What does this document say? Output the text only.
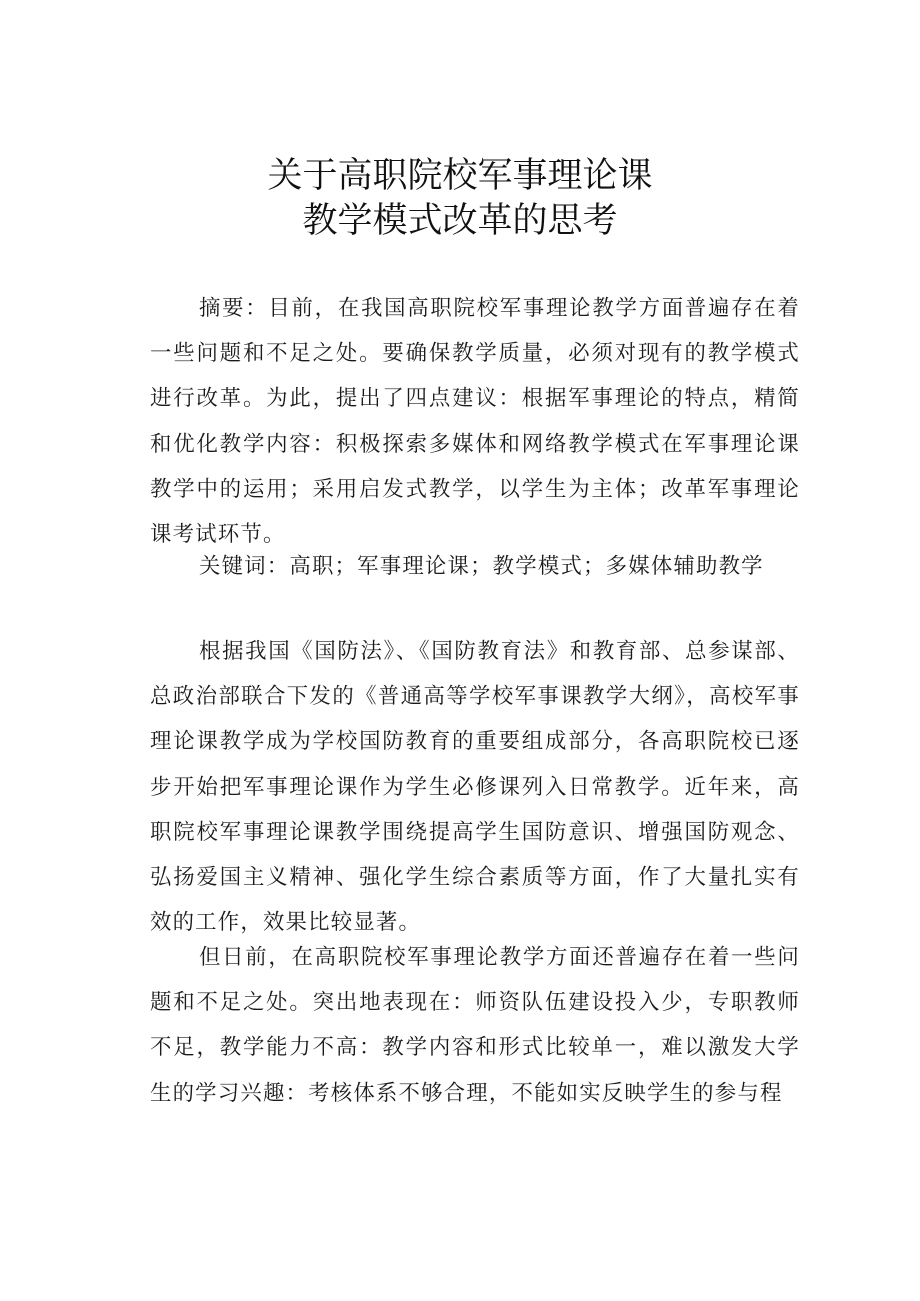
关于高职院校军事理论课
教学模式改革的思考

摘要：目前，在我国高职院校军事理论教学方面普遍存在着一些问题和不足之处。要确保教学质量，必须对现有的教学模式进行改革。为此，提出了四点建议：根据军事理论的特点，精简和优化教学内容：积极探索多媒体和网络教学模式在军事理论课教学中的运用；采用启发式教学，以学生为主体；改革军事理论课考试环节。

关键词：高职；军事理论课；教学模式；多媒体辅助教学

根据我国《国防法》、《国防教育法》和教育部、总参谋部、总政治部联合下发的《普通高等学校军事课教学大纲》，高校军事理论课教学成为学校国防教育的重要组成部分，各高职院校已逐步开始把军事理论课作为学生必修课列入日常教学。近年来，高职院校军事理论课教学围绕提高学生国防意识、增强国防观念、弘扬爱国主义精神、强化学生综合素质等方面，作了大量扎实有效的工作，效果比较显著。

但日前，在高职院校军事理论教学方面还普遍存在着一些问题和不足之处。突出地表现在：师资队伍建设投入少，专职教师不足，教学能力不高：教学内容和形式比较单一，难以激发大学生的学习兴趣：考核体系不够合理，不能如实反映学生的参与程
